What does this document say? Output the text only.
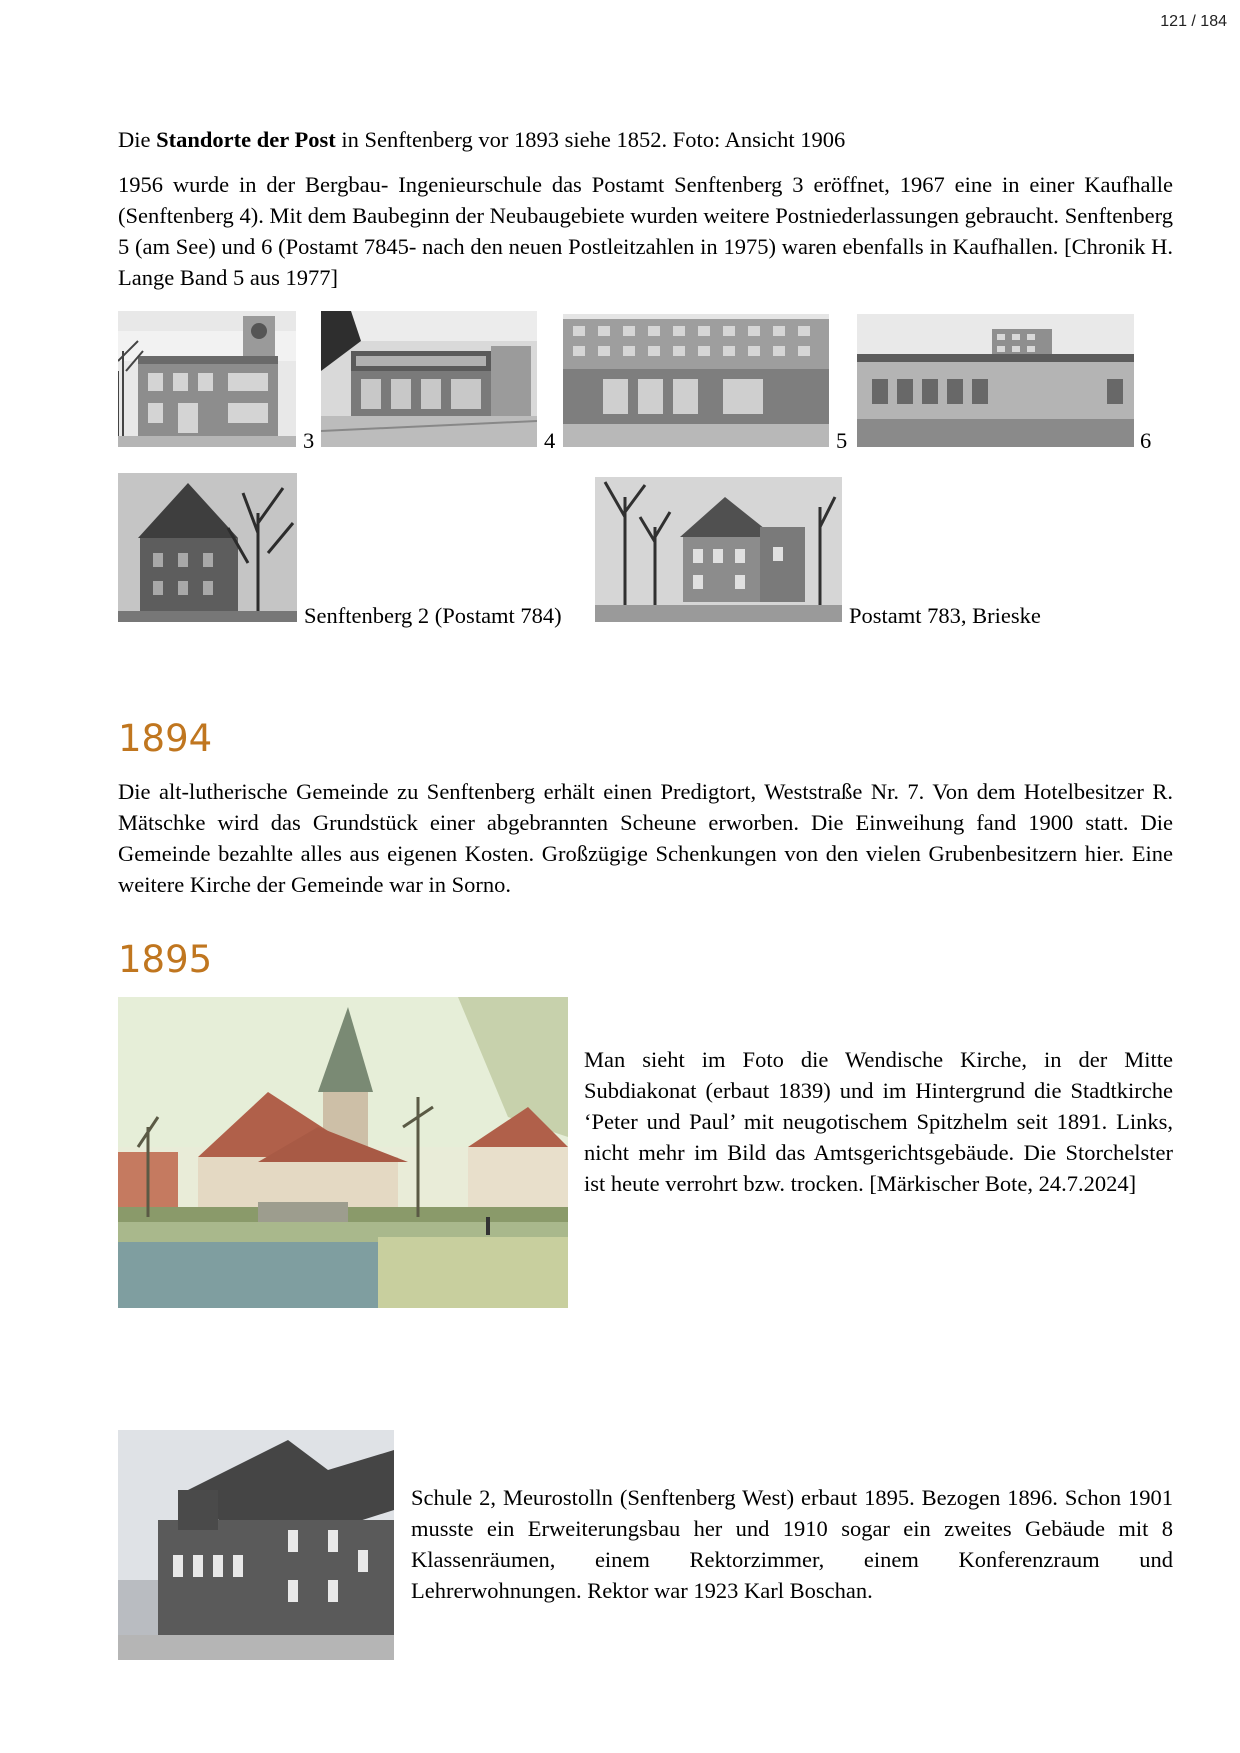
121 / 184

Die Standorte der Post in Senftenberg vor 1893 siehe 1852. Foto: Ansicht 1906

1956 wurde in der Bergbau- Ingenieurschule das Postamt Senftenberg 3 eröffnet, 1967 eine in einer Kaufhalle (Senftenberg 4). Mit dem Baubeginn der Neubaugebiete wurden weitere Postniederlassungen gebraucht. Senftenberg 5 (am See) und 6 (Postamt 7845- nach den neuen Postleitzahlen in 1975) waren ebenfalls in Kaufhallen. [Chronik H. Lange Band 5 aus 1977]

3	4	5	6
Senftenberg 2 (Postamt 784)	Postamt 783, Brieske
1894

Die alt-lutherische Gemeinde zu Senftenberg erhält einen Predigtort, Weststraße Nr. 7. Von dem Hotelbesitzer R. Mätschke wird das Grundstück einer abgebrannten Scheune erworben. Die Einweihung fand 1900 statt. Die Gemeinde bezahlte alles aus eigenen Kosten. Großzügige Schenkungen von den vielen Grubenbesitzern hier. Eine weitere Kirche der Gemeinde war in Sorno.

1895

Man sieht im Foto die Wendische Kirche, in der Mitte Subdiakonat (erbaut 1839) und im Hintergrund die Stadtkirche ‘Peter und Paul’ mit neugotischem Spitzhelm seit 1891. Links, nicht mehr im Bild das Amtsgerichtsgebäude. Die Storchelster ist heute verrohrt bzw. trocken. [Märkischer Bote, 24.7.2024]

Schule 2, Meurostolln (Senftenberg West) erbaut 1895. Bezogen 1896. Schon 1901 musste ein Erweiterungsbau her und 1910 sogar ein zweites Gebäude mit 8 Klassenräumen, einem Rektorzimmer, einem Konferenzraum und Lehrerwohnungen. Rektor war 1923 Karl Boschan.
